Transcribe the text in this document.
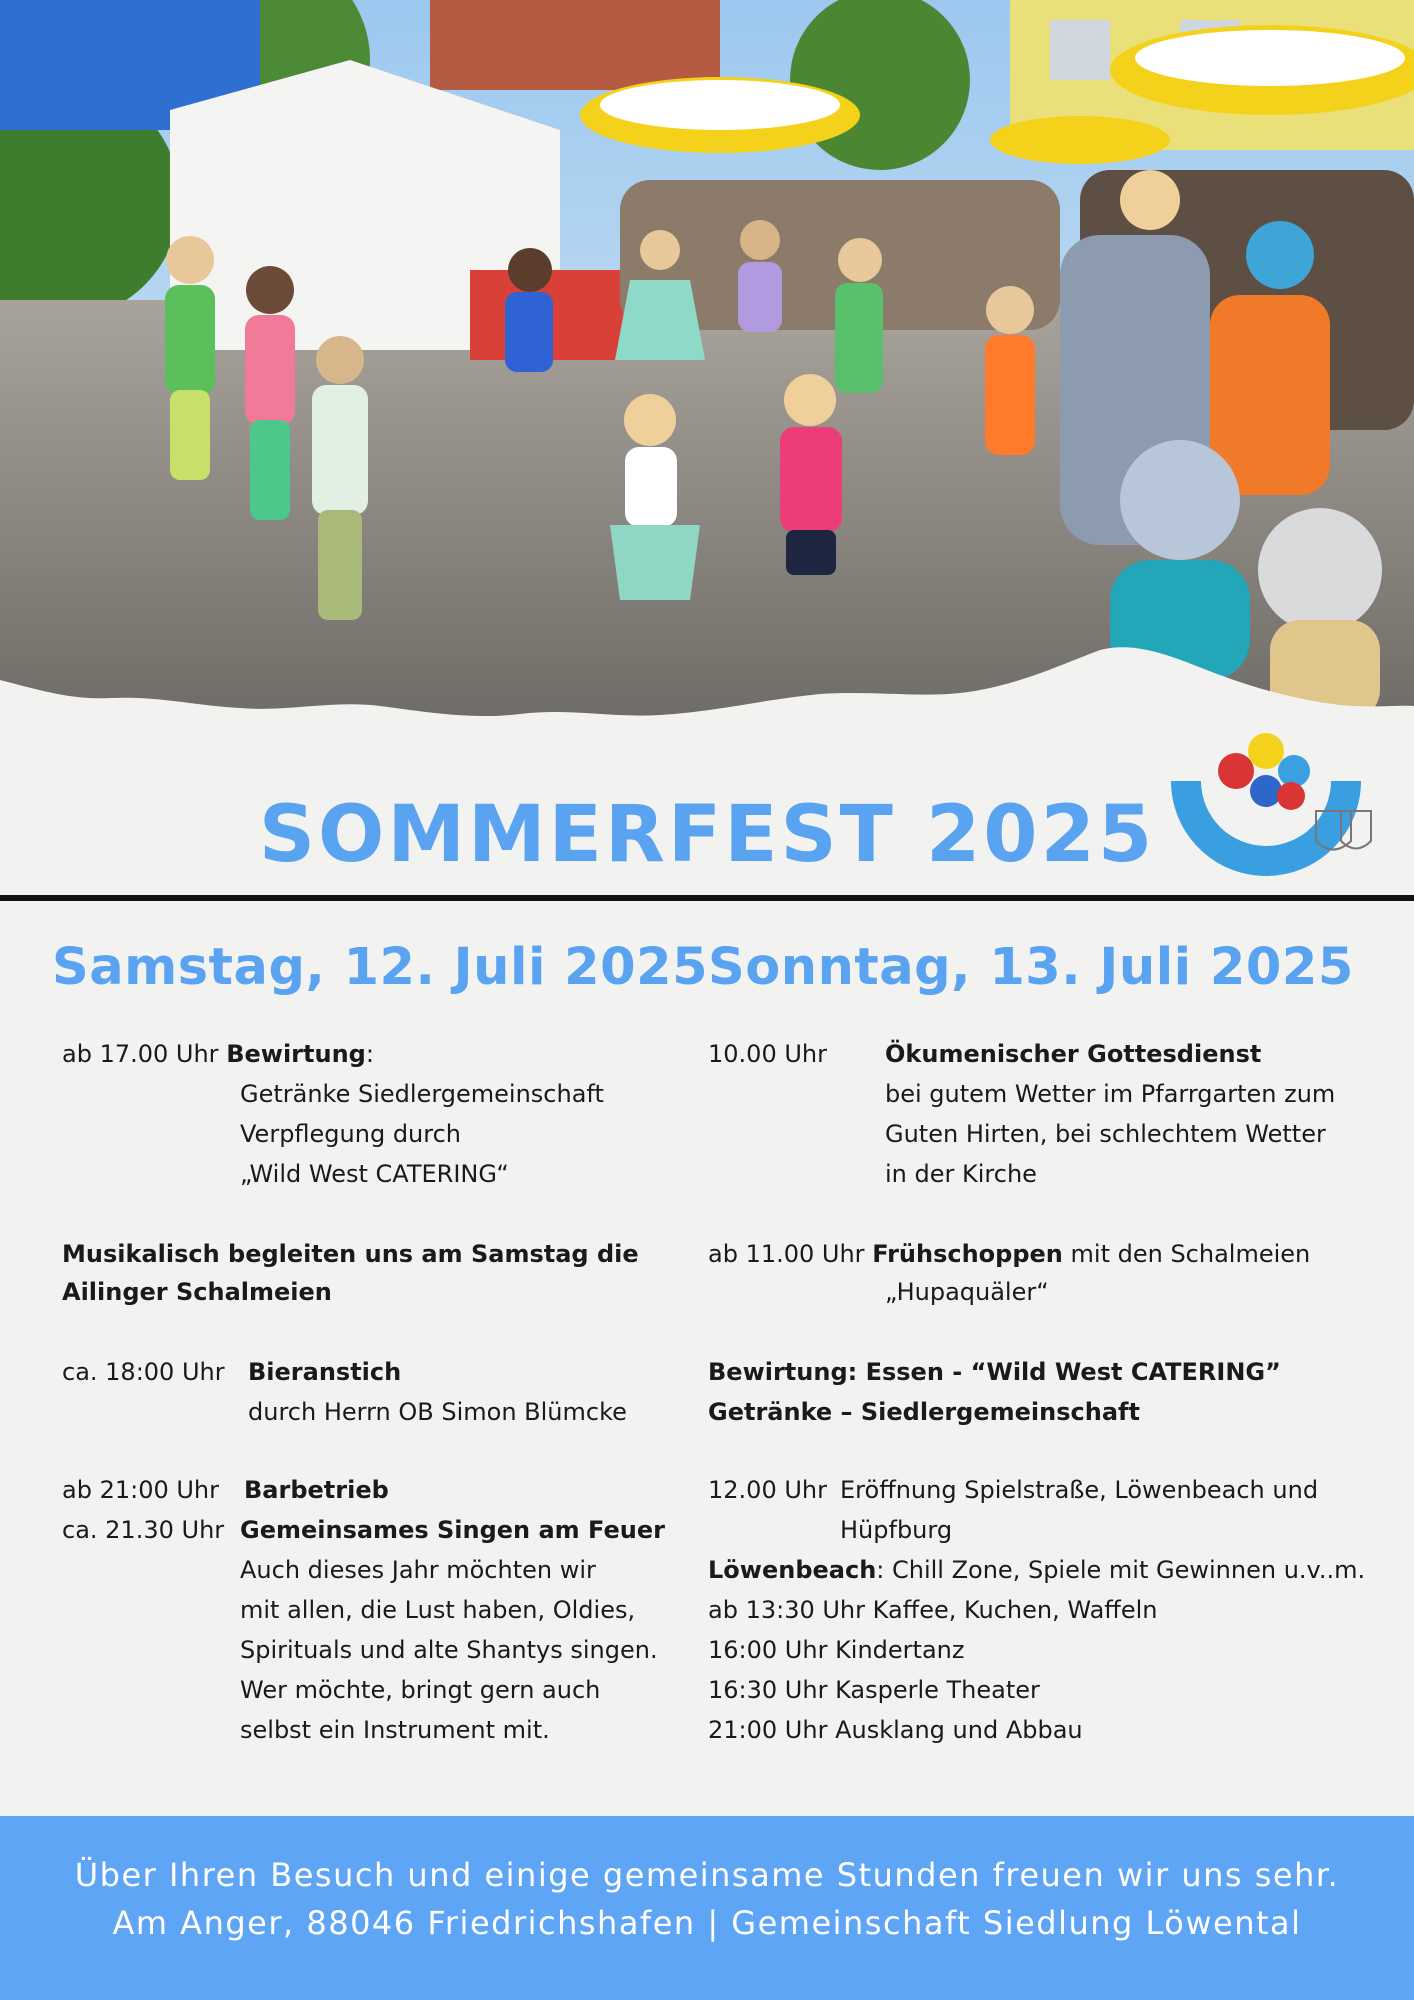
SOMMERFEST 2025
Samstag, 12. Juli 2025
ab 17.00 Uhr Bewirtung:
Getränke Siedlergemeinschaft
Verpflegung durch
„Wild West CATERING“
Musikalisch begleiten uns am Samstag die
Ailinger Schalmeien
ca. 18:00 Uhr Bieranstich
durch Herrn OB Simon Blümcke
ab 21:00 Uhr Barbetrieb
ca. 21.30 Uhr Gemeinsames Singen am Feuer
Auch dieses Jahr möchten wir
mit allen, die Lust haben, Oldies,
Spirituals und alte Shantys singen.
Wer möchte, bringt gern auch
selbst ein Instrument mit.
Sonntag, 13. Juli 2025
10.00 Uhr Ökumenischer Gottesdienst
bei gutem Wetter im Pfarrgarten zum
Guten Hirten, bei schlechtem Wetter
in der Kirche
ab 11.00 Uhr Frühschoppen mit den Schalmeien
„Hupaquäler“
Bewirtung: Essen - “Wild West CATERING”
Getränke – Siedlergemeinschaft
12.00 Uhr Eröffnung Spielstraße, Löwenbeach und
Hüpfburg
Löwenbeach: Chill Zone, Spiele mit Gewinnen u.v..m.
ab 13:30 Uhr Kaffee, Kuchen, Waffeln
16:00 Uhr Kindertanz
16:30 Uhr Kasperle Theater
21:00 Uhr Ausklang und Abbau
Über Ihren Besuch und einige gemeinsame Stunden freuen wir uns sehr.
Am Anger, 88046 Friedrichshafen | Gemeinschaft Siedlung Löwental
